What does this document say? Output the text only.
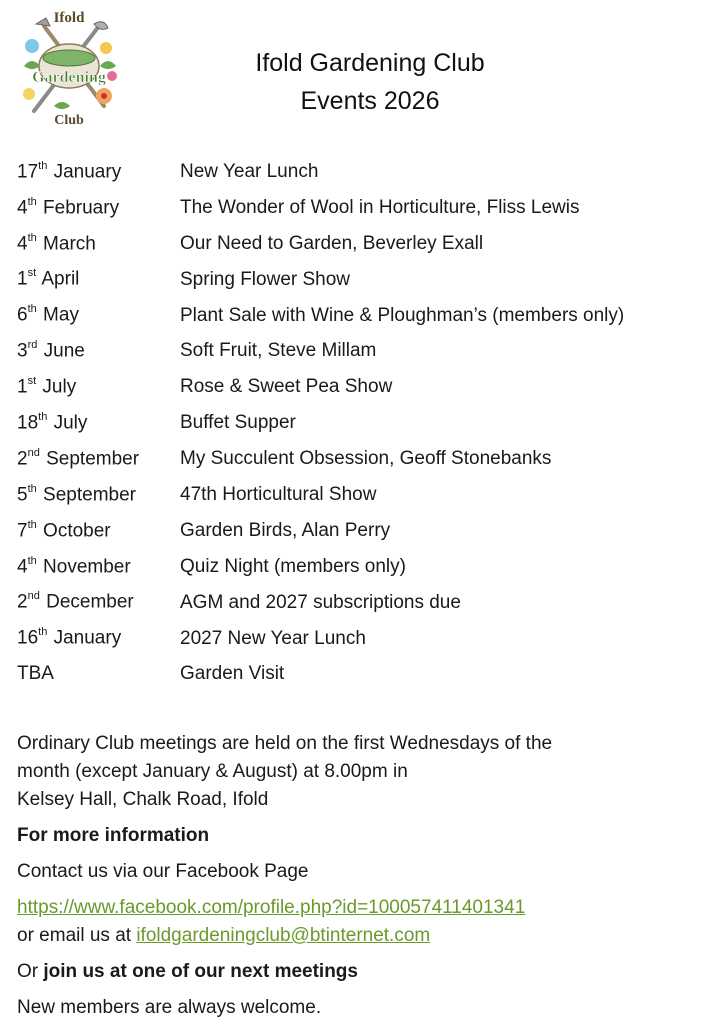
Ifold
Gardening
Club
Ifold Gardening Club
Events 2026
17th January	New Year Lunch
4th February	The Wonder of Wool in Horticulture, Fliss Lewis
4th March	Our Need to Garden, Beverley Exall
1st April	Spring Flower Show
6th May	Plant Sale with Wine & Ploughman’s (members only)
3rd June	Soft Fruit, Steve Millam
1st July	Rose & Sweet Pea Show
18th July	Buffet Supper
2nd September	My Succulent Obsession, Geoff Stonebanks
5th September	47th Horticultural Show
7th October	Garden Birds, Alan Perry
4th November	Quiz Night (members only)
2nd December	AGM and 2027 subscriptions due
16th January	2027 New Year Lunch
TBA	Garden Visit
Ordinary Club meetings are held on the first Wednesdays of the
month (except January & August) at 8.00pm in
Kelsey Hall, Chalk Road, Ifold
For more information
Contact us via our Facebook Page
https://www.facebook.com/profile.php?id=100057411401341
or email us at ifoldgardeningclub@btinternet.com
Or join us at one of our next meetings
New members are always welcome.
